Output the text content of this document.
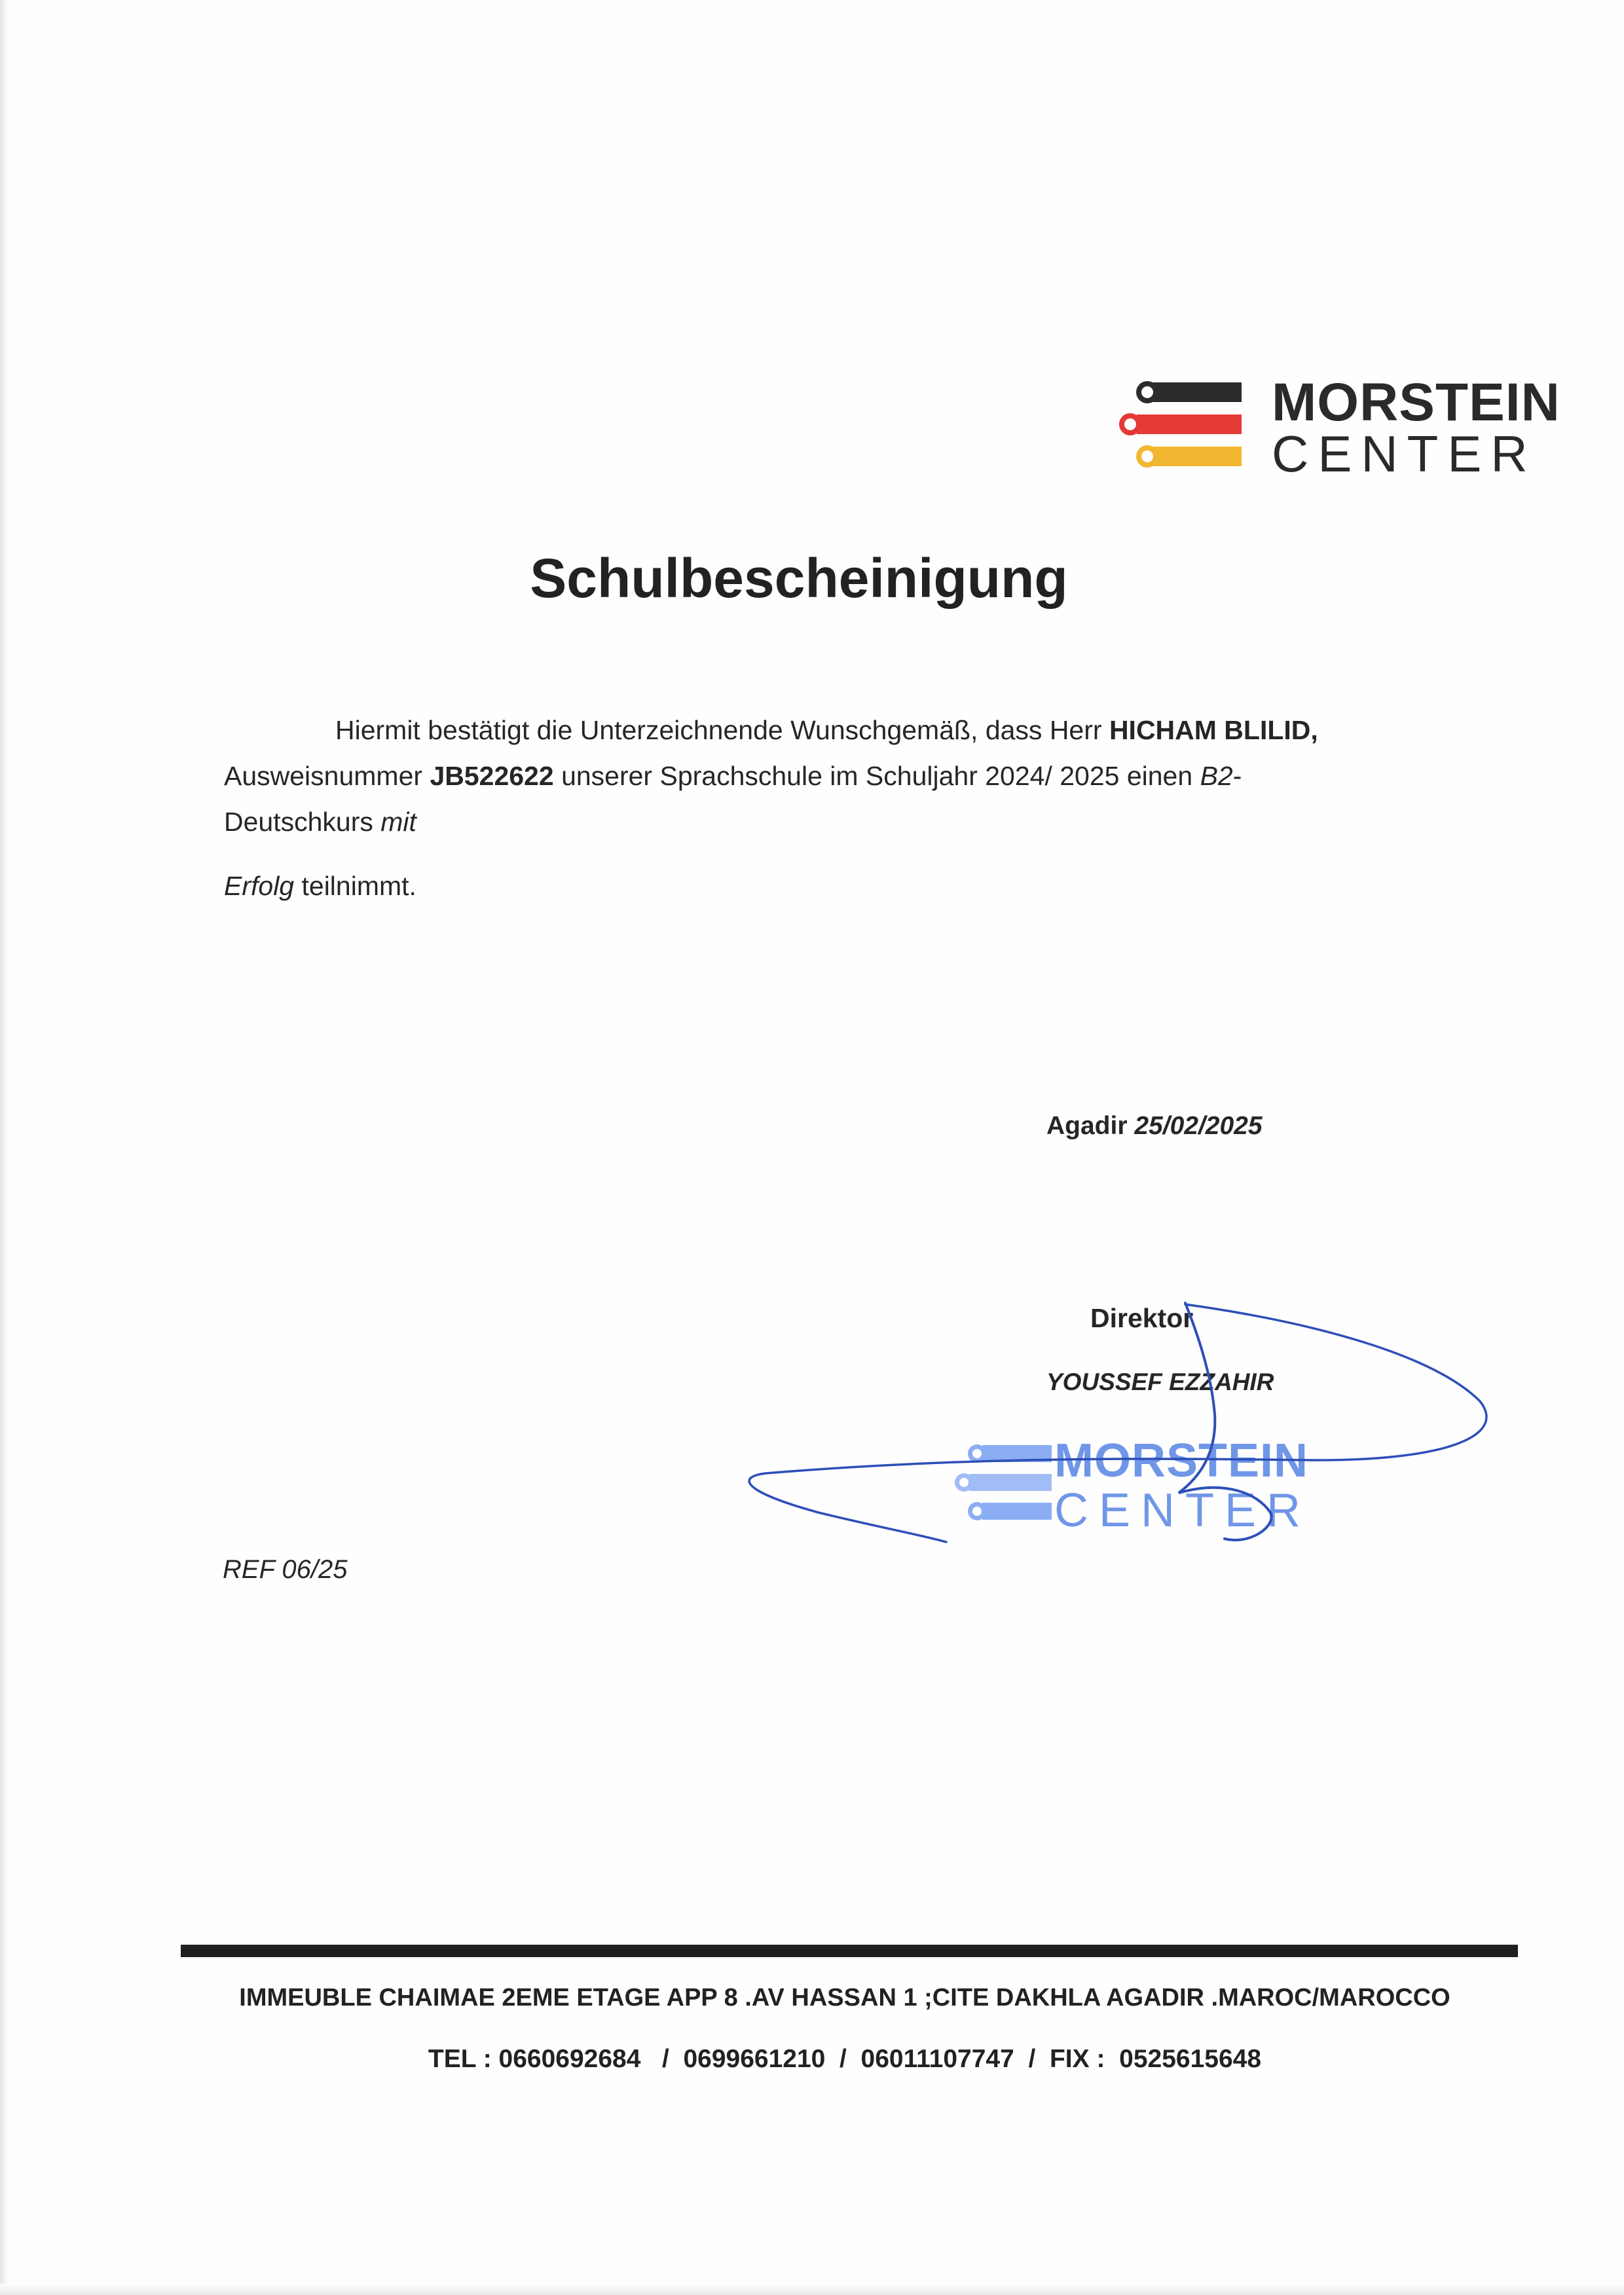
MORSTEIN
CENTER
Schulbescheinigung
Hiermit bestätigt die Unterzeichnende Wunschgemäß, dass Herr HICHAM BLILID,
Ausweisnummer JB522622 unserer Sprachschule im Schuljahr 2024/ 2025 einen B2-
Deutschkurs mit
Erfolg teilnimmt.
Agadir 25/02/2025
Direktor
YOUSSEF EZZAHIR
MORSTEIN
CENTER
REF 06/25
IMMEUBLE CHAIMAE 2EME ETAGE APP 8 .AV HASSAN 1 ;CITE DAKHLA AGADIR .MAROC/MAROCCO
TEL : 0660692684   /  0699661210  /  06011107747  /  FIX :  0525615648
